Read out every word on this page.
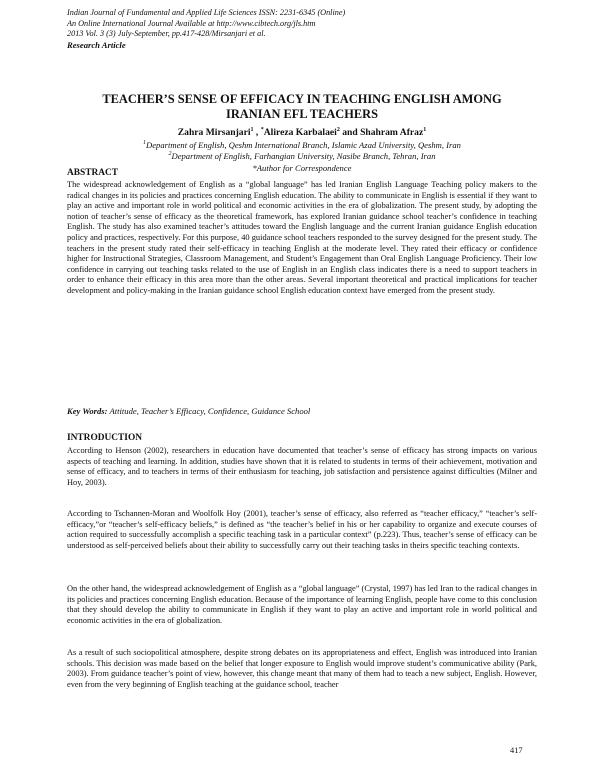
Indian Journal of Fundamental and Applied Life Sciences ISSN: 2231-6345 (Online)
An Online International Journal Available at http://www.cibtech.org/jls.htm
2013 Vol. 3 (3) July-September, pp.417-428/Mirsanjari et al.
Research Article
TEACHER’S SENSE OF EFFICACY IN TEACHING ENGLISH AMONG
IRANIAN EFL TEACHERS
Zahra Mirsanjari$^1$ , *Alireza Karbalaei$^2$ and Shahram Afraz$^1$
$^1$Department of English, Qeshm International Branch, Islamic Azad University, Qeshm, Iran
$^2$Department of English, Farhangian University, Nasibe Branch, Tehran, Iran
*Author for Correspondence
ABSTRACT
The widespread acknowledgement of English as a “global language” has led Iranian English Language Teaching policy makers to the radical changes in its policies and practices concerning English education. The ability to communicate in English is essential if they want to play an active and important role in world political and economic activities in the era of globalization. The present study, by adopting the notion of teacher’s sense of efficacy as the theoretical framework, has explored Iranian guidance school teacher’s confidence in teaching English. The study has also examined teacher’s attitudes toward the English language and the current Iranian guidance English education policy and practices, respectively. For this purpose, 40 guidance school teachers responded to the survey designed for the present study. The teachers in the present study rated their self-efficacy in teaching English at the moderate level. They rated their efficacy or confidence higher for Instructional Strategies, Classroom Management, and Student’s Engagement than Oral English Language Proficiency. Their low confidence in carrying out teaching tasks related to the use of English in an English class indicates there is a need to support teachers in order to enhance their efficacy in this area more than the other areas. Several important theoretical and practical implications for teacher development and policy-making in the Iranian guidance school English education context have emerged from the present study.
Key Words: Attitude, Teacher’s Efficacy, Confidence, Guidance School
INTRODUCTION
According to Henson (2002), researchers in education have documented that teacher’s sense of efficacy has strong impacts on various aspects of teaching and learning. In addition, studies have shown that it is related to students in terms of their achievement, motivation and sense of efficacy, and to teachers in terms of their enthusiasm for teaching, job satisfaction and persistence against difficulties (Milner and Hoy, 2003).
According to Tschannen-Moran and Woolfolk Hoy (2001), teacher’s sense of efficacy, also referred as “teacher efficacy,” “teacher’s self-efficacy,”or “teacher’s self-efficacy beliefs,” is defined as “the teacher’s belief in his or her capability to organize and execute courses of action required to successfully accomplish a specific teaching task in a particular context” (p.223). Thus, teacher’s sense of efficacy can be understood as self-perceived beliefs about their ability to successfully carry out their teaching tasks in theirs specific teaching contexts.
On the other hand, the widespread acknowledgement of English as a “global language” (Crystal, 1997) has led Iran to the radical changes in its policies and practices concerning English education. Because of the importance of learning English, people have come to this conclusion that they should develop the ability to communicate in English if they want to play an active and important role in world political and economic activities in the era of globalization.
As a result of such sociopolitical atmosphere, despite strong debates on its appropriateness and effect, English was introduced into Iranian schools. This decision was made based on the belief that longer exposure to English would improve student’s communicative ability (Park, 2003). From guidance teacher’s point of view, however, this change meant that many of them had to teach a new subject, English. However, even from the very beginning of English teaching at the guidance school, teacher
417
